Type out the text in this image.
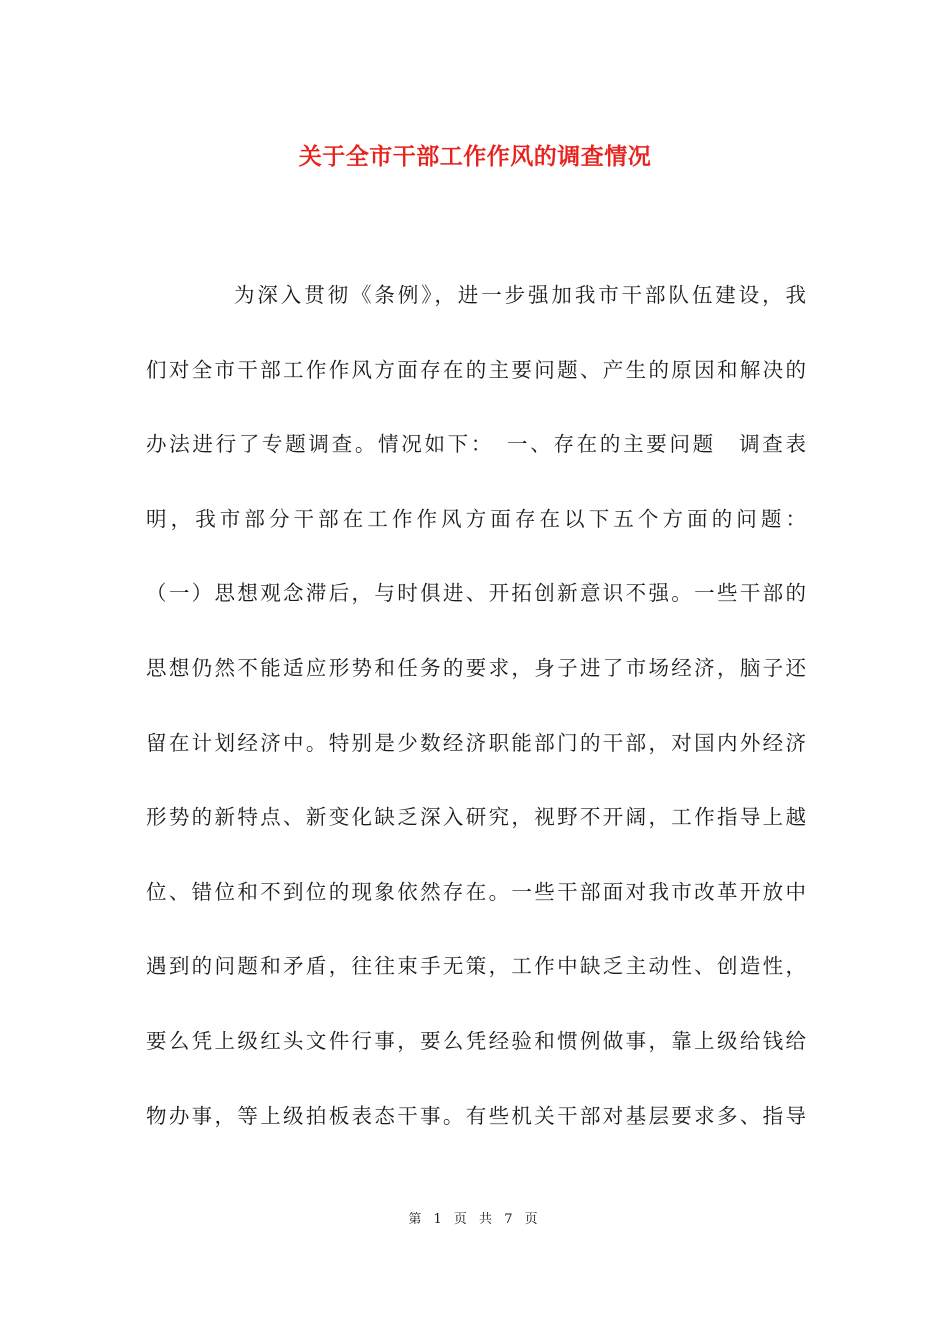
关于全市干部工作作风的调查情况
为深入贯彻《条例》，进一步强加我市干部队伍建设，我
们对全市干部工作作风方面存在的主要问题、产生的原因和解决的
办法进行了专题调查。情况如下：　一、存在的主要问题　调查表
明，我市部分干部在工作作风方面存在以下五个方面的问题：
（一）思想观念滞后，与时俱进、开拓创新意识不强。一些干部的
思想仍然不能适应形势和任务的要求，身子进了市场经济，脑子还
留在计划经济中。特别是少数经济职能部门的干部，对国内外经济
形势的新特点、新变化缺乏深入研究，视野不开阔，工作指导上越
位、错位和不到位的现象依然存在。一些干部面对我市改革开放中
遇到的问题和矛盾，往往束手无策，工作中缺乏主动性、创造性，
要么凭上级红头文件行事，要么凭经验和惯例做事，靠上级给钱给
物办事，等上级拍板表态干事。有些机关干部对基层要求多、指导
第 1 页 共 7 页
